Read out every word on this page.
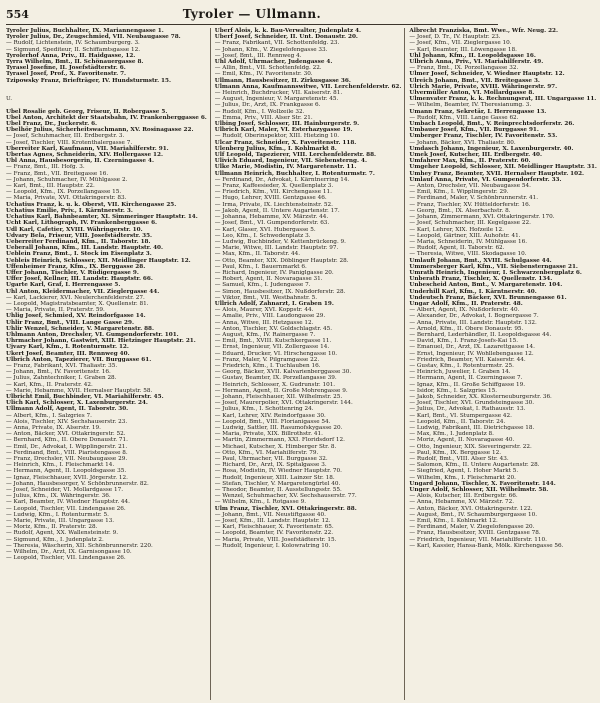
554	Tyroler — Ullmann.
Tyroler Julius, Buchhalter, IX. Mariannengasse 1.
Tyroler Julius, Dr., Zeugschmied, VII. Neubaugasse 78.
— Rudolf, Lichtenstein, IV. Schaumburgerg. 3.
— Sigmund, Spediteur, II. Schiffamtsgasse 12.
Tyrolerhof Anna, Priv., II. Haidgasse, 12.
Tyrra Wilhelm, Bmt., II. Schönauergasse 8.
Tyrasel Josefine, II. Josefstädterstr. 6.
Tyrasel Josef, Prof., X. Favoritenstr. 7.
Tzipowsky Franz, Briefträger, IV. Hundsturmstr. 15.

U.

Ubel Rosalie geb. Georg, Friseur, II. Robergasse 5.
Ubel Anton, Architekt der Staatsbahn, IV. Frankenberggasse 6.
Ubel Franz, Dr., Juckerstr. 6.
Ubelhör Julius, Sicherheitswachmann, XV. Rosinagasse 22.
— Josef, Schuhmacher, III. Erdbergstr. 3.
— Josef, Tischler, VIII. Krotenthalergasse 7.
Uberreiter Karl, Kaufmann, VII. Mariahilferstr. 91.
Ubertas Agnes, Schneiderin, XIV. Hollergasse 12.
Ubl Anna, Hausbesorgerin, II. Czerningasse 4.
— Franz, Bmt., III. Hofg. 3.
— Franz, Bmt., VII. Breitegasse 16.
— Johann, Schuhmacher, IV. Mühlgasse 2.
— Karl, Bmt., III. Hauptstr. 22.
— Leopold, Kfm., IX. Porzellangasse 15.
— Maria, Private, XVI. Ottakringerstr. 83.
Uchatius Franz, k. u. k. Oberst, VII. Kirchengasse 25.
Uchatius Emilie, Priv., I. Kärntnerstr. 3.
Uchatius Karl, Bahnbeamter, XI. Simmeringer Hauptstr. 14.
Ucht Karl, Lithograph, IV. Frankenberggasse 6.
Udl Karl, Cafetier, XVIII. Währingerstr. 10.
Udvary Bela, Friseur, VIII. Josefstädterstr. 35.
Ueberreiter Ferdinand, Kfm., II. Taborstr. 18.
Ueberall Johann, Kfm., III. Landstr. Hauptstr. 40.
Ueblein Franz, Bmt., I. Stock im Eisenplatz 3.
Uebleis Heinrich, Schlosser, XII. Meidlinger Hauptstr. 12.
Uffenheimer Franz, Kfm., IX. Berggasse 28.
Uffer Johann, Tischler, V. Rüdigergasse 9.
Uffer Josef, Kellner, III. Landstr. Hauptstr. 66.
Ugarte Karl, Graf, I. Herrengasse 5.
Uhl Anton, Kleidermacher, VII. Zieglergasse 44.
— Karl, Lackierer, XVI. Neulerchenfelderstr. 27.
— Leopold, Magistratsbeamter, X. Quellenstr. 81.
— Maria, Private, II. Praterstr. 59.
Uhlig Josef, Schmied, XV. Reindorfgasse 14.
Uhlir Franz, Bmt., VIII. Lange Gasse 29.
Uhlir Wenzel, Schneider, V. Margaretenstr. 88.
Uhlmann Anton, Drechsler, VI. Gumpendorferstr. 101.
Uhrmacher Johann, Gastwirt, XIII. Hietzinger Hauptstr. 21.
Ujvary Karl, Kfm., I. Rotenturmstr. 12.
Ukert Josef, Beamter, III. Rennweg 40.
Ulbrich Anton, Tapezierer, VII. Burggasse 61.
— Franz, Fabrikant, XVI. Thaliastr. 35.
— Johann, Bmt., IV. Favoritenstr. 16.
— Julius, Zahntechniker, I. Graben 28.
— Karl, Kfm., II. Praterstr. 42.
— Marie, Hebamme, XVII. Hernalser Hauptstr. 58.
Ulbricht Emil, Buchbinder, VI. Mariahilferstr. 45.
Ulich Karl, Schlosser, X. Laxenburgerstr. 24.
Ullmann Adolf, Agent, II. Taborstr. 30.
— Albert, Kfm., I. Salzgries 7.
— Alois, Tischler, XIV. Sechshauserstr. 23.
— Anna, Private, IX. Alserstr. 19.
— Anton, Bäcker, XVI. Ottakringerstr. 52.
— Bernhard, Kfm., II. Obere Donaustr. 71.
— Emil, Dr., Advokat, I. Wipplingerstr. 21.
— Ferdinand, Bmt., VIII. Piaristengasse 8.
— Franz, Drechsler, VII. Neubaugasse 29.
— Heinrich, Kfm., I. Fleischmarkt 14.
— Hermann, Agent, II. Leopoldsgasse 35.
— Ignaz, Fleischhauer, XVII. Jörgerstr. 12.
— Johann, Hausbesorger, V. Schönbrunnerstr. 82.
— Josef, Schneider, VI. Mollardgasse 17.
— Julius, Kfm., IX. Währingerstr. 36.
— Karl, Beamter, IV. Wiedner Hauptstr. 44.
— Leopold, Tischler, VII. Lindengasse 26.
— Ludwig, Kfm., I. Rotenturmstr. 5.
— Marie, Private, III. Ungargasse 13.
— Moriz, Kfm., II. Praterstr. 28.
— Rudolf, Agent, XX. Wallensteinstr. 9.
— Sigmund, Kfm., I. Judenplatz 2.
— Theresia, Wäscherin, XII. Schönbrunnerstr. 220.
— Wilhelm, Dr., Arzt, IX. Garnisongasse 10.
— Leopold, Tischler, VII. Lindengasse 26.
Uberf Alois, k. k. Bau-Verwalter, Judenplatz 4.
Uberf Josef, Schneider, II. Unt. Donaustr. 20.
— Franz, Fabrikant, VII. Schottenfeldg. 23.
— Johann, Kfm., V. Ziegelofengasse 33.
— Josef, Bmt., III. Rennweg 4.
Uhl Adolf, Uhrmacher, Judengasse 4.
— Allin, Bmt., VII. Schottenfeldg. 22.
— Emil, Kfm., IV. Favoritenstr. 30.
Ullmann, Hausbesitzer, II. Zirkusgasse 36.
Ulmann Anna, Kaufmannswitwe, VII. Lerchenfelderstr. 62.
— Heinrich, Buchdrucker, VII. Kaiserstr. 81.
— August, Ingenieur, V. Margaretenstr. 45.
— Julius, Dr., Arzt, IX. Frankgasse 6.
— Rudolf, Kfm., I. Wollzeile 32.
— Emma, Priv., VIII. Alser Str. 21.
Ulbing Josef, Schlosser, III. Hainburgerstr. 9.
Ulbrich Karl, Maler, VI. Esterhazygasse 19.
— Rudolf, Oberinspektor, XIII. Hietzing 10.
Ulcar Franz, Schneider, X. Favoritenstr. 118.
Ulenberg Julius, Kfm., I. Kohlmarkt 8.
Ulf Leopold, Tapezierer, VIII. Lerchenfelderstr. 88.
Ulivich Eduard, Ingenieur, VII. Siebensterng. 4.
Ulke Marie, Modistin, IV. Margaretenstr. 11.
Ullmann Heinrich, Buchhalter, I. Rotenturmstr. 7.
— Ferdinand, Dr., Advokat, I. Kärntnerring 14.
— Franz, Kaffeesieder, X. Quellenplatz 3.
— Friedrich, Kfm., VII. Kirchengasse 11.
— Hugo, Lehrer, XVIII. Gentzgasse 46.
— Irma, Private, IX. Liechtensteinstr. 52.
— Jakob, Agent, II. Untere Augartenstr. 17.
— Johanna, Hebamme, XV. Märzstr. 44.
— Josef, Bmt., VI. Gumpendorferstr. 63.
— Karl, Glaser, XVI. Hubergasse 5.
— Leo, Kfm., I. Schwedenplatz 3.
— Ludwig, Buchbinder, V. Kettenbrückeng. 9.
— Marie, Witwe, III. Landstr. Hauptstr. 97.
— Max, Kfm., II. Taborstr. 44.
— Otto, Beamter, XIX. Döblinger Hauptstr. 28.
— Paul, Kfm., I. Bauernmarkt 6.
— Richard, Ingenieur, IV. Paniglgasse 20.
— Robert, Agent, II. Novaragasse 31.
— Samuel, Kfm., I. Judengasse 7.
— Simon, Hausbesitzer, IX. Nußdorferstr. 28.
— Viktor, Bmt., VII. Westbahnstr. 5.
Ullrich Adolf, Zahnarzt, I. Graben 19.
— Alois, Maurer, XVI. Koppstr. 44.
— Amalie, Priv., VIII. Laudongasse 29.
— Anna, Witwe, III. Hetzgasse 12.
— Anton, Tischler, XV. Goldschlagstr. 45.
— August, Kfm., IV. Rainergasse 7.
— Emil, Bmt., XVIII. Kutschkergasse 11.
— Ernst, Ingenieur, VII. Zollergasse 14.
— Eduard, Drucker, VI. Hirschengasse 10.
— Franz, Maler, V. Pilgramgasse 22.
— Friedrich, Kfm., I. Tuchlauben 16.
— Georg, Bäcker, XVII. Kalvarienberggasse 30.
— Gustav, Beamter, IX. Porzellangasse 39.
— Heinrich, Schlosser, X. Gudrunstr. 101.
— Hermann, Agent, II. Große Mohrengasse 9.
— Johann, Fleischhauer, XII. Wilhelmstr. 25.
— Josef, Maurerpolier, XVI. Ottakringerstr. 144.
— Julius, Kfm., I. Schottenring 24.
— Karl, Lehrer, XIV. Reindorfgasse 30.
— Leopold, Bmt., VIII. Florianigasse 54.
— Ludwig, Sattler, III. Rasumofskygasse 20.
— Maria, Private, XIX. Billrothstr. 41.
— Martin, Zimmermann, XXI. Floridsdorf 12.
— Michael, Kutscher, X. Himberger Str. 8.
— Otto, Kfm., VI. Mariahilferstr. 79.
— Paul, Uhrmacher, VII. Burggasse 32.
— Richard, Dr., Arzt, IX. Spitalgasse 3.
— Rosa, Modistin, IV. Wiedner Hauptstr. 70.
— Rudolf, Ingenieur, XIII. Lainzer Str. 18.
— Stefan, Tischler, V. Margaretengürtel 40.
— Theodor, Beamter, II. Ausstellungsstr. 55.
— Wenzel, Schuhmacher, XV. Sechshauserstr. 77.
— Wilhelm, Kfm., I. Rotgasse 9.
Ulm Franz, Tischler, XVI. Ottakringerstr. 88.
— Johann, Bmt., VII. Neustiftgasse 40.
— Josef, Kfm., III. Landstr. Hauptstr. 12.
— Karl, Fleischhauer, X. Favoritenstr. 65.
— Leopold, Beamter, IV. Favoritenstr. 22.
— Maria, Private, VIII. Josefstädterstr. 15.
— Rudolf, Ingenieur, I. Kolowratring 10.
Albrecht Franziska, Bmt. Wwe., Wfr. Neug. 22.
— Josef, D. Tr., IV. Hauptstr. 23.
— Josef, Kfm., VII. Zieglergasse 10.
— Karl, Beamter, III. Löwengasse 18.
Uhl Johann, Kfm., II. Leopoldsgasse 16.
Ulbrich Anna, Priv., VI. Mariahilferstr. 49.
— Franz, Bmt., IX. Porzellangasse 32.
Ulmer Josef, Schneider, V. Wiedner Hauptstr. 12.
Ulreich Johann, Bmt., VII. Breitegasse 3.
Ulrich Marie, Private, XVIII. Währingerstr. 97.
Ulvermüller Anton, VI. Mollardgasse 8.
Ulmenvater Franz, k. k. Rechnungsrat, III. Ungargasse 11.
— Wilhelm, Beamter, IV. Theresianumg. 3.
Umann Franz, Sekretär, I. Herrengasse 13.
— Rudolf, Kfm., VIII. Lange Gasse 62.
Umbach Leopold, Bmt., V. Reinprechtsdorferstr. 26.
Umbauer Josef, Kfm., VII. Burggasse 91.
Umberger Franz, Tischler, IV. Favoritenstr. 53.
— Johann, Bäcker, XVI. Thaliastr. 80.
Umdasch Johann, Ingenieur, X. Laxenburgerstr. 40.
Umek Josef, Kutscher, III. Erdbergstr. 40.
Umfahrer Max, Kfm., II. Praterstr. 60.
Umgeher Leopold, Schlosser, XII. Meidlinger Hauptstr. 31.
Umhey Franz, Beamter, XVII. Hernalser Hauptstr. 102.
Umlauf Anna, Private, VI. Gumpendorferstr. 33.
— Anton, Drechsler, VII. Neubaugasse 54.
— Emil, Kfm., I. Wipplingerstr. 29.
— Ferdinand, Maler, V. Schönbrunnerstr. 41.
— Franz, Tischler, XV. Hütteldorferstr. 16.
— Georg, Bmt., IX. Alserbachstr. 8.
— Johann, Zimmermann, XVI. Ottakringerstr. 170.
— Josef, Schuhmacher, III. Kegelgasse 22.
— Karl, Lehrer, XIX. Hofzeile 12.
— Leopold, Gärtner, XIII. Auhofstr. 41.
— Maria, Schneiderin, IV. Mühlgasse 16.
— Rudolf, Agent, II. Taborstr. 62.
— Theresia, Witwe, VIII. Skodagasse 10.
Umlauft Johann, Bmt., XVIII. Schulgasse 44.
Ummersberger Karl, Kfm., VII. Siebensterngasse 21.
Umrath Heinrich, Ingenieur, I. Schwarzenbergplatz 6.
Unberath Franz, Tischler, X. Quellenstr. 134.
Unbescheid Anton, Bmt., V. Margaretenstr. 104.
Underhill Karl, Kfm., I. Kärntnerstr. 40.
Undeutsch Franz, Bäcker, XVI. Brunnengasse 61.
Ungar Adolf, Kfm., II. Praterstr. 48.
— Albert, Agent, IX. Nußdorferstr. 40.
— Alexander, Dr., Advokat, I. Bognergasse 7.
— Anna, Private, III. Landstr. Hauptstr. 132.
— Arnold, Kfm., II. Obere Donaustr. 95.
— Bernhard, Lederhändler, II. Leopoldsgasse 44.
— David, Kfm., I. Franz-Josefs-Kai 15.
— Emanuel, Dr., Arzt, IX. Lazarettgasse 14.
— Ernst, Ingenieur, IV. Wohllebengasse 12.
— Friedrich, Beamter, VII. Kaiserstr. 44.
— Gustav, Kfm., I. Rotenturmstr. 25.
— Heinrich, Juwelier, I. Graben 14.
— Hermann, Agent, II. Czerningasse 7.
— Ignaz, Kfm., II. Große Schiffgasse 19.
— Isidor, Kfm., I. Salzgries 15.
— Jakob, Schneider, XX. Klosterneuburgerstr. 36.
— Josef, Tischler, XVI. Grundsteingasse 30.
— Julius, Dr., Advokat, I. Rathausstr. 13.
— Karl, Bmt., VI. Stumpergasse 42.
— Leopold, Kfm., II. Taborstr. 24.
— Ludwig, Fabrikant, III. Dietrichgasse 18.
— Max, Kfm., I. Judenplatz 8.
— Moriz, Agent, II. Novaragasse 40.
— Otto, Ingenieur, XIX. Sieveringerstr. 22.
— Paul, Kfm., IX. Berggasse 12.
— Rudolf, Bmt., VIII. Alser Str. 43.
— Salomon, Kfm., II. Untere Augartenstr. 28.
— Siegfried, Agent, I. Hoher Markt 5.
— Wilhelm, Kfm., I. Fleischmarkt 20.
Ungard Johann, Tischler, X. Favoritenstr. 144.
Unger Adolf, Schlosser, XII. Wilhelmstr. 58.
— Alois, Kutscher, III. Erdbergstr. 66.
— Anna, Hebamme, XV. Märzstr. 72.
— Anton, Bäcker, XVI. Ottakringerstr. 122.
— August, Bmt., IV. Schaumburgergasse 10.
— Emil, Kfm., I. Kohlmarkt 12.
— Ferdinand, Maler, V. Ziegelofengasse 20.
— Franz, Hausbesitzer, XVIII. Gentzgasse 78.
— Friedrich, Ingenieur, VII. Mariahilferstr. 110.
— Karl, Kassier, Hansa-Bank, Mölk. Kirchengasse 56.
